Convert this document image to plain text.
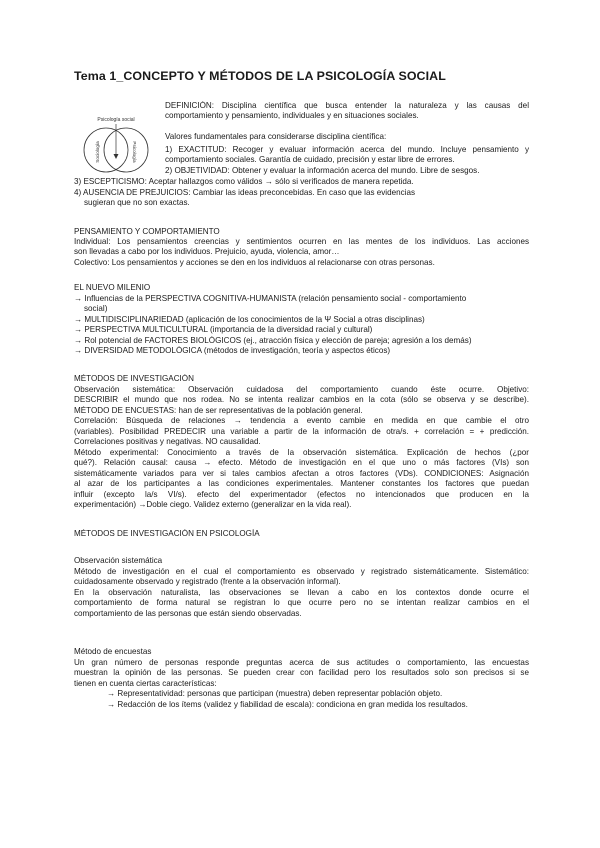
Tema 1_CONCEPTO Y MÉTODOS DE LA PSICOLOGÍA SOCIAL
Psicología social
Sociología	Psicología
DEFINICIÓN: Disciplina científica que busca entender la naturaleza y las causas del
comportamiento y pensamiento, individuales y en situaciones sociales.
Valores fundamentales para considerarse disciplina científica:
1) EXACTITUD: Recoger y evaluar información acerca del mundo. Incluye pensamiento y
comportamiento sociales. Garantía de cuidado, precisión y estar libre de errores.
2) OBJETIVIDAD: Obtener y evaluar la información acerca del mundo. Libre de sesgos.
3) ESCEPTICISMO: Aceptar hallazgos como válidos → sólo si verificados de manera repetida.
4) AUSENCIA DE PREJUICIOS: Cambiar las ideas preconcebidas. En caso que las evidencias
sugieran que no son exactas.
PENSAMIENTO Y COMPORTAMIENTO
Individual: Los pensamientos creencias y sentimientos ocurren en las mentes de los individuos. Las acciones
son llevadas a cabo por los individuos. Prejuicio, ayuda, violencia, amor…
Colectivo: Los pensamientos y acciones se den en los individuos al relacionarse con otras personas.
EL NUEVO MILENIO
→ Influencias de la PERSPECTIVA COGNITIVA-HUMANISTA (relación pensamiento social - comportamiento
social)
→ MULTIDISCIPLINARIEDAD (aplicación de los conocimientos de la Ψ Social a otras disciplinas)
→ PERSPECTIVA MULTICULTURAL (importancia de la diversidad racial y cultural)
→ Rol potencial de FACTORES BIOLÓGICOS (ej., atracción física y elección de pareja; agresión a los demás)
→ DIVERSIDAD METODOLÓGICA (métodos de investigación, teoría y aspectos éticos)
MÉTODOS DE INVESTIGACIÓN
Observación sistemática: Observación cuidadosa del comportamiento cuando éste ocurre. Objetivo:
DESCRIBIR el mundo que nos rodea. No se intenta realizar cambios en la cota (sólo se observa y se describe).
MÉTODO DE ENCUESTAS: han de ser representativas de la población general.
Correlación: Búsqueda de relaciones → tendencia a evento cambie en medida en que cambie el otro
(variables). Posibilidad PREDECIR una variable a partir de la información de otra/s. + correlación = + predicción.
Correlaciones positivas y negativas. NO causalidad.
Método experimental: Conocimiento a través de la observación sistemática. Explicación de hechos (¿por
qué?). Relación causal: causa → efecto. Método de investigación en el que uno o más factores (VIs) son
sistemáticamente variados para ver si tales cambios afectan a otros factores (VDs). CONDICIONES: Asignación
al azar de los participantes a las condiciones experimentales. Mantener constantes los factores que puedan
influir (excepto la/s VI/s). efecto del experimentador (efectos no intencionados que producen en la
experimentación) →Doble ciego. Validez externo (generalizar en la vida real).
MÉTODOS DE INVESTIGACIÓN EN PSICOLOGÍA
Observación sistemática
Método de investigación en el cual el comportamiento es observado y registrado sistemáticamente. Sistemático:
cuidadosamente observado y registrado (frente a la observación informal).
En la observación naturalista, las observaciones se llevan a cabo en los contextos donde ocurre el
comportamiento de forma natural se registran lo que ocurre pero no se intentan realizar cambios en el
comportamiento de las personas que están siendo observadas.
Método de encuestas
Un gran número de personas responde preguntas acerca de sus actitudes o comportamiento, las encuestas
muestran la opinión de las personas. Se pueden crear con facilidad pero los resultados solo son precisos si se
tienen en cuenta ciertas características:
→ Representatividad: personas que participan (muestra) deben representar población objeto.
→ Redacción de los ítems (validez y fiabilidad de escala): condiciona en gran medida los resultados.
